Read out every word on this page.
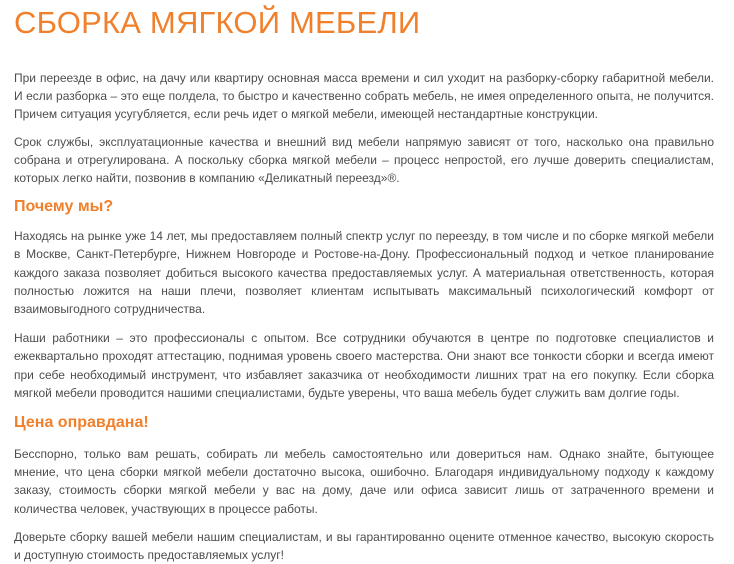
СБОРКА МЯГКОЙ МЕБЕЛИ

При переезде в офис, на дачу или квартиру основная масса времени и сил уходит на разборку-сборку габаритной мебели. И если разборка – это еще полдела, то быстро и качественно собрать мебель, не имея определенного опыта, не получится. Причем ситуация усугубляется, если речь идет о мягкой мебели, имеющей нестандартные конструкции.

Срок службы, эксплуатационные качества и внешний вид мебели напрямую зависят от того, насколько она правильно собрана и отрегулирована. А поскольку сборка мягкой мебели – процесс непростой, его лучше доверить специалистам, которых легко найти, позвонив в компанию «Деликатный переезд»®.

Почему мы?

Находясь на рынке уже 14 лет, мы предоставляем полный спектр услуг по переезду, в том числе и по сборке мягкой мебели в Москве, Санкт-Петербурге, Нижнем Новгороде и Ростове-на-Дону. Профессиональный подход и четкое планирование каждого заказа позволяет добиться высокого качества предоставляемых услуг. А материальная ответственность, которая полностью ложится на наши плечи, позволяет клиентам испытывать максимальный психологический комфорт от взаимовыгодного сотрудничества.

Наши работники – это профессионалы с опытом. Все сотрудники обучаются в центре по подготовке специалистов и ежеквартально проходят аттестацию, поднимая уровень своего мастерства. Они знают все тонкости сборки и всегда имеют при себе необходимый инструмент, что избавляет заказчика от необходимости лишних трат на его покупку. Если сборка мягкой мебели проводится нашими специалистами, будьте уверены, что ваша мебель будет служить вам долгие годы.

Цена оправдана!

Бесспорно, только вам решать, собирать ли мебель самостоятельно или довериться нам. Однако знайте, бытующее мнение, что цена сборки мягкой мебели достаточно высока, ошибочно. Благодаря индивидуальному подходу к каждому заказу, стоимость сборки мягкой мебели у вас на дому, даче или офиса зависит лишь от затраченного времени и количества человек, участвующих в процессе работы.

Доверьте сборку вашей мебели нашим специалистам, и вы гарантированно оцените отменное качество, высокую скорость и доступную стоимость предоставляемых услуг!
